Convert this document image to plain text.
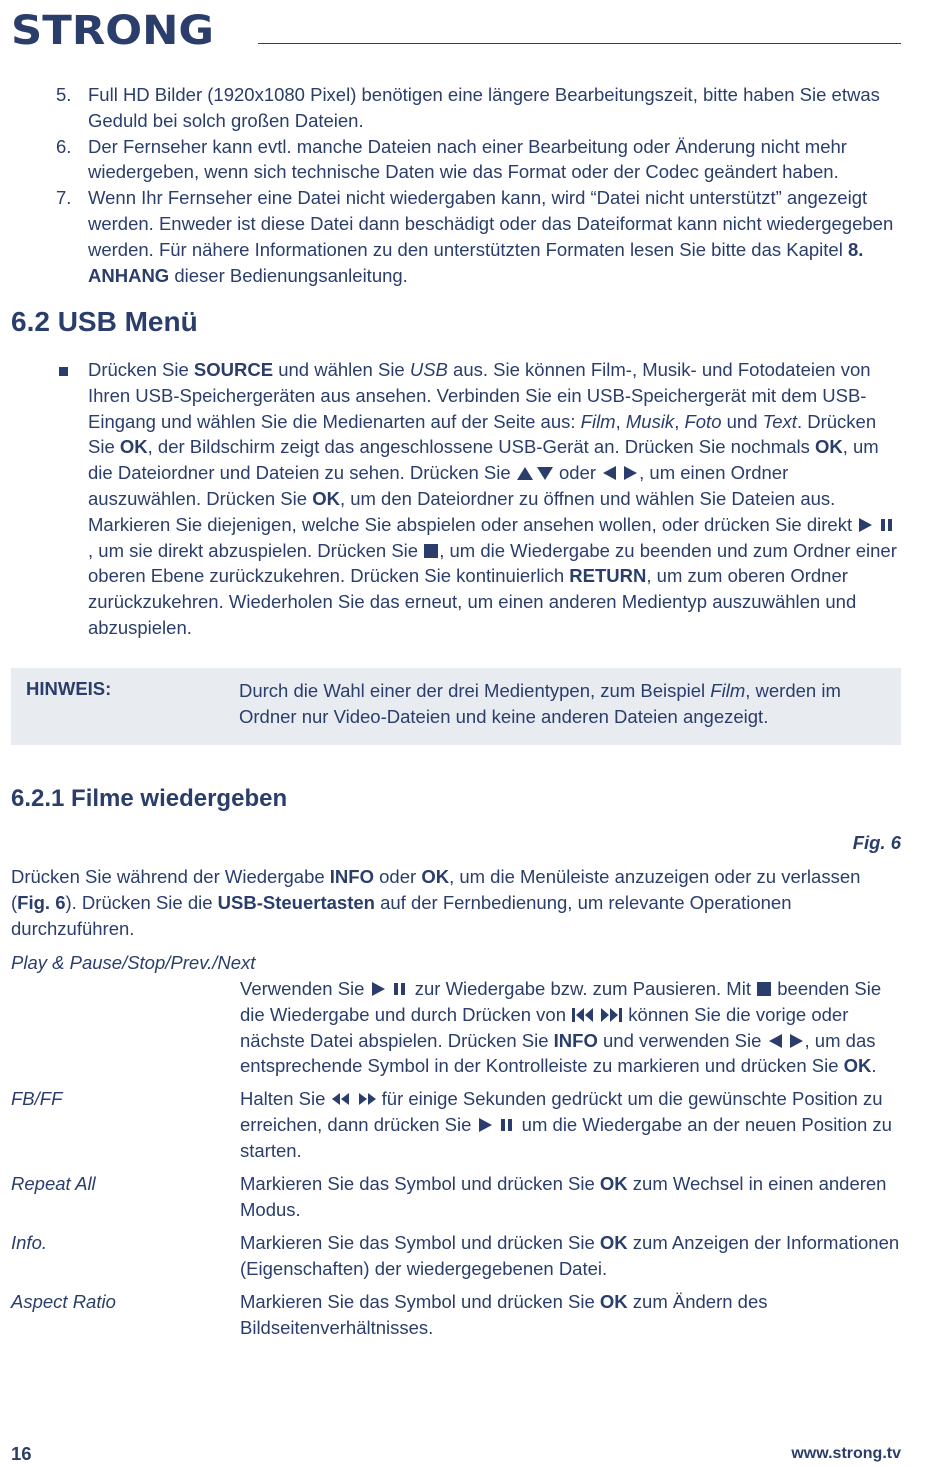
STRONG
5. Full HD Bilder (1920x1080 Pixel) benötigen eine längere Bearbeitungszeit, bitte haben Sie etwas Geduld bei solch großen Dateien.
6. Der Fernseher kann evtl. manche Dateien nach einer Bearbeitung oder Änderung nicht mehr wiedergeben, wenn sich technische Daten wie das Format oder der Codec geändert haben.
7. Wenn Ihr Fernseher eine Datei nicht wiedergaben kann, wird “Datei nicht unterstützt” angezeigt werden. Enweder ist diese Datei dann beschädigt oder das Dateiformat kann nicht wiedergegeben werden. Für nähere Informationen zu den unterstützten Formaten lesen Sie bitte das Kapitel 8. ANHANG dieser Bedienungsanleitung.
6.2 USB Menü
Drücken Sie SOURCE und wählen Sie USB aus. Sie können Film-, Musik- und Fotodateien von Ihren USB-Speichergeräten aus ansehen. Verbinden Sie ein USB-Speichergerät mit dem USB-Eingang und wählen Sie die Medienarten auf der Seite aus: Film, Musik, Foto und Text. Drücken Sie OK, der Bildschirm zeigt das angeschlossene USB-Gerät an. Drücken Sie nochmals OK, um die Dateiordner und Dateien zu sehen. Drücken Sie  oder , um einen Ordner auszuwählen. Drücken Sie OK, um den Dateiordner zu öffnen und wählen Sie Dateien aus. Markieren Sie diejenigen, welche Sie abspielen oder ansehen wollen, oder drücken Sie direkt , um sie direkt abzuspielen. Drücken Sie , um die Wiedergabe zu beenden und zum Ordner einer oberen Ebene zurückzukehren. Drücken Sie kontinuierlich RETURN, um zum oberen Ordner zurückzukehren. Wiederholen Sie das erneut, um einen anderen Medientyp auszuwählen und abzuspielen.
HINWEIS:	Durch die Wahl einer der drei Medientypen, zum Beispiel Film, werden im Ordner nur Video-Dateien und keine anderen Dateien angezeigt.
6.2.1 Filme wiedergeben
Fig. 6
Drücken Sie während der Wiedergabe INFO oder OK, um die Menüleiste anzuzeigen oder zu verlassen (Fig. 6). Drücken Sie die USB-Steuertasten auf der Fernbedienung, um relevante Operationen durchzuführen.
Play & Pause/Stop/Prev./Next
Verwenden Sie  zur Wiedergabe bzw. zum Pausieren. Mit  beenden Sie die Wiedergabe und durch Drücken von	können Sie die vorige oder nächste Datei abspielen. Drücken Sie INFO und verwenden Sie , um das entsprechende Symbol in der Kontrolleiste zu markieren und drücken Sie OK.
FB/FF	Halten Sie  für einige Sekunden gedrückt um die gewünschte Position zu erreichen, dann drücken Sie  um die Wiedergabe an der neuen Position zu starten.
Repeat All	Markieren Sie das Symbol und drücken Sie OK zum Wechsel in einen anderen Modus.
Info.	Markieren Sie das Symbol und drücken Sie OK zum Anzeigen der Informationen (Eigenschaften) der wiedergegebenen Datei.
Aspect Ratio	Markieren Sie das Symbol und drücken Sie OK zum Ändern des Bildseitenverhältnisses.
16	www.strong.tv
